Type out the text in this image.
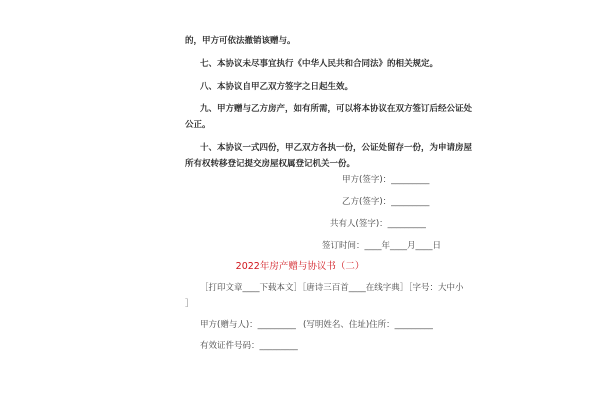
的，甲方可依法撤销该赠与。
七、本协议未尽事宜执行《中华人民共和合同法》的相关规定。
八、本协议自甲乙双方签字之日起生效。
九、甲方赠与乙方房产，如有所需，可以将本协议在双方签订后经公证处
公正。
十、本协议一式四份，甲乙双方各执一份，公证处留存一份，为申请房屋
所有权转移登记提交房屋权属登记机关一份。
甲方(签字)：_________
乙方(签字)：_________
共有人(签字)：_________
签订时间：____年____月____日
2022年房产赠与协议书（二）
［打印文章____下载本文］［唐诗三百首____在线字典］［字号：大中小
］
甲方(赠与人)：_________ (写明姓名、住址)住所：_________
有效证件号码：_________
